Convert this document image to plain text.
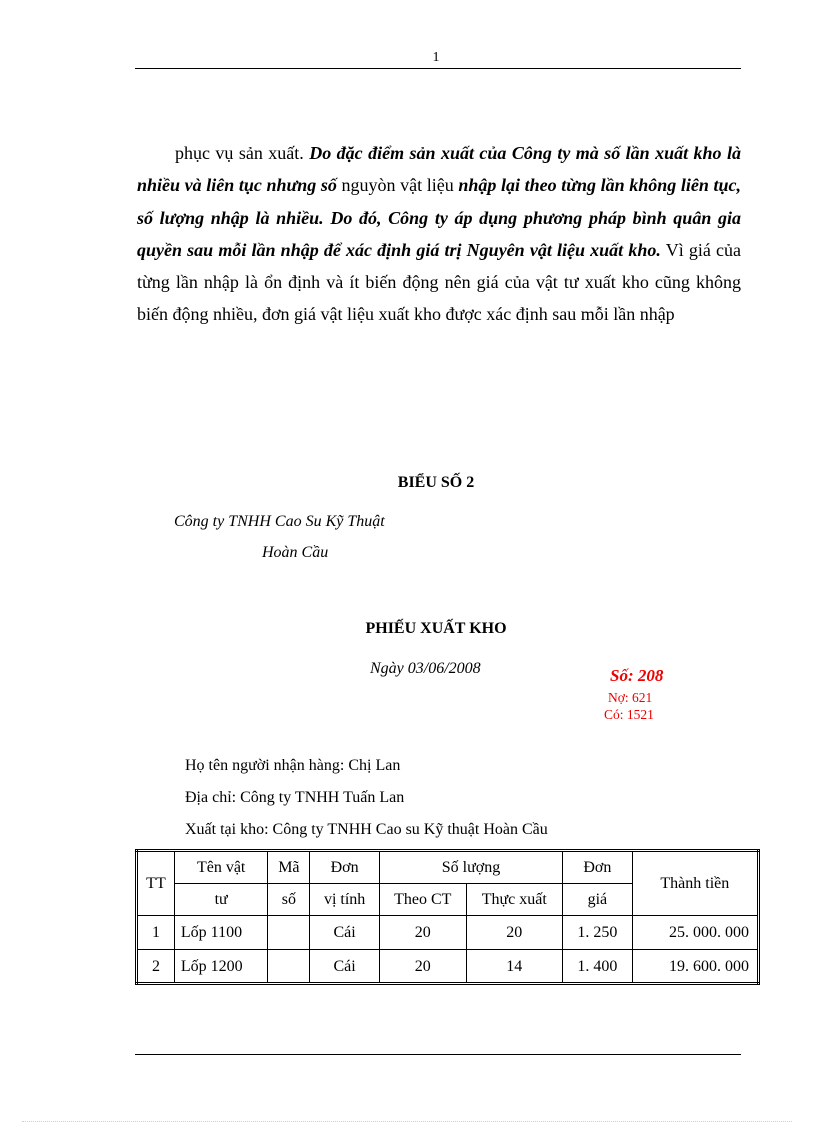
1
phục vụ sản xuất. Do đặc điểm sản xuất của Công ty mà số lần xuất kho là nhiều và liên tục nhưng số nguyòn vật liệu nhập lại theo từng lần không liên tục, số lượng nhập là nhiều. Do đó, Công ty áp dụng phương pháp bình quân gia quyền sau mỗi lần nhập để xác định giá trị Nguyên vật liệu xuất kho. Vì giá của từng lần nhập là ổn định và ít biến động nên giá của vật tư xuất kho cũng không biến động nhiều, đơn giá vật liệu xuất kho được xác định sau mỗi lần nhập
BIỂU SỐ 2
Công ty TNHH Cao Su Kỹ Thuật
Hoàn Cầu
PHIẾU XUẤT KHO
Ngày 03/06/2008	Số: 208
Nợ: 621
Có: 1521
Họ tên người nhận hàng: Chị Lan
Địa chỉ: Công ty TNHH Tuấn Lan
Xuất tại kho: Công ty TNHH Cao su Kỹ thuật Hoàn Cầu
TT	Tên vật	Mã	Đơn	Số lượng		Đơn	Thành tiền
	tư	số	vị tính	Theo CT	Thực xuất	giá	
1	Lốp 1100		Cái	20	20	1. 250	25. 000. 000
2	Lốp 1200		Cái	20	14	1. 400	19. 600. 000
